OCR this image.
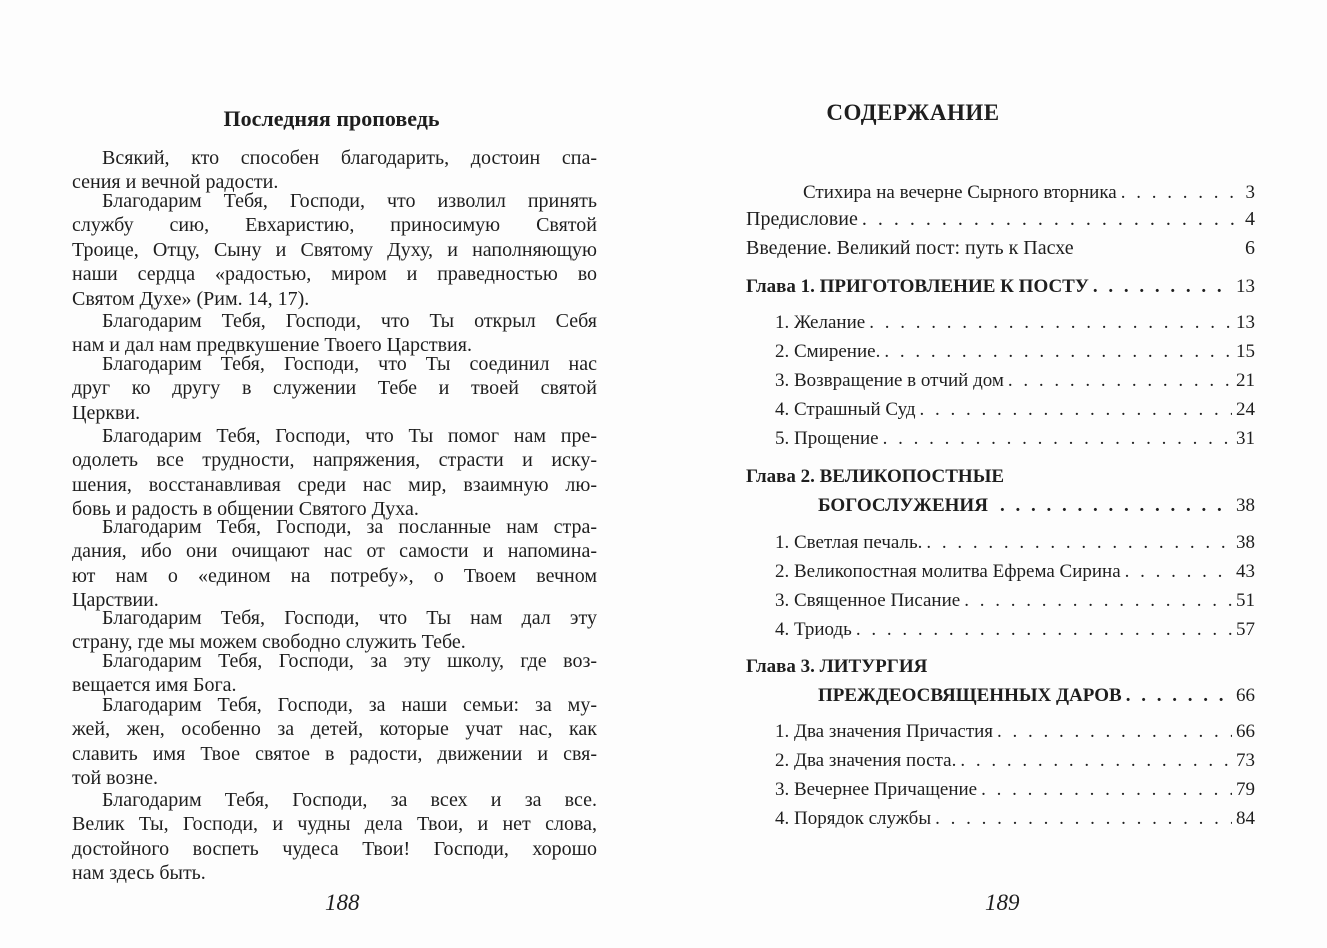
Последняя проповедь
Всякий, кто способен благодарить, достоин спа-
сения и вечной радости.
Благодарим Тебя, Господи, что изволил принять
службу сию, Евхаристию, приносимую Святой
Троице, Отцу, Сыну и Святому Духу, и наполняющую
наши сердца «радостью, миром и праведностью во
Святом Духе» (Рим. 14, 17).
Благодарим Тебя, Господи, что Ты открыл Себя
нам и дал нам предвкушение Твоего Царствия.
Благодарим Тебя, Господи, что Ты соединил нас
друг ко другу в служении Тебе и твоей святой
Церкви.
Благодарим Тебя, Господи, что Ты помог нам пре-
одолеть все трудности, напряжения, страсти и иску-
шения, восстанавливая среди нас мир, взаимную лю-
бовь и радость в общении Святого Духа.
Благодарим Тебя, Господи, за посланные нам стра-
дания, ибо они очищают нас от самости и напомина-
ют нам о «едином на потребу», о Твоем вечном
Царствии.
Благодарим Тебя, Господи, что Ты нам дал эту
страну, где мы можем свободно служить Тебе.
Благодарим Тебя, Господи, за эту школу, где воз-
вещается имя Бога.
Благодарим Тебя, Господи, за наши семьи: за му-
жей, жен, особенно за детей, которые учат нас, как
славить имя Твое святое в радости, движении и свя-
той возне.
Благодарим Тебя, Господи, за всех и за все.
Велик Ты, Господи, и чудны дела Твои, и нет слова,
достойного воспеть чудеса Твои! Господи, хорошо
нам здесь быть.
188
СОДЕРЖАНИЕ
Стихира на вечерне Сырного вторника . . .	3
Предисловие . . .	4
Введение. Великий пост: путь к Пасхе	6
Глава 1. ПРИГОТОВЛЕНИЕ К ПОСТУ . . .	13
1. Желание . . .	13
2. Смирение. . . .	15
3. Возвращение в отчий дом . . .	21
4. Страшный Суд . . .	24
5. Прощение . . .	31
Глава 2. ВЕЛИКОПОСТНЫЕ
БОГОСЛУЖЕНИЯ . . .	38
1. Светлая печаль. . . .	38
2. Великопостная молитва Ефрема Сирина . . .	43
3. Священное Писание . . .	51
4. Триодь . . .	57
Глава 3. ЛИТУРГИЯ
ПРЕЖДЕОСВЯЩЕННЫХ ДАРОВ . . .	66
1. Два значения Причастия . . .	66
2. Два значения поста. . . .	73
3. Вечернее Причащение . . .	79
4. Порядок службы . . .	84
189
